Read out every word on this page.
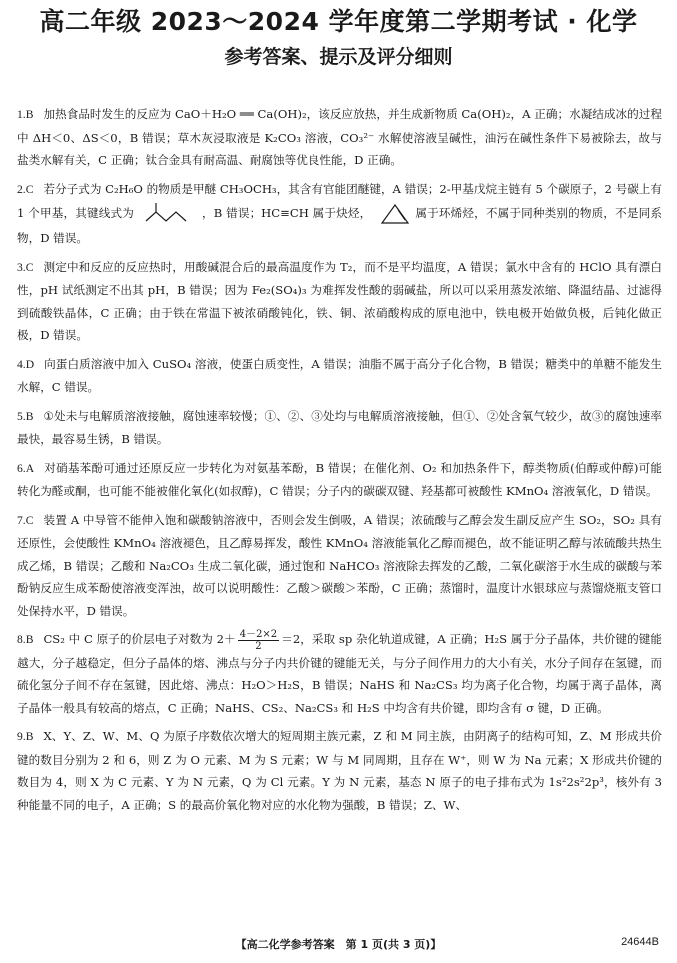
高二年级 2023～2024 学年度第二学期考试 · 化学
参考答案、提示及评分细则

1.B 加热食品时发生的反应为 CaO＋H₂O ══ Ca(OH)₂，该反应放热，并生成新物质 Ca(OH)₂，A 正确；水凝结成冰的过程中 ΔH＜0、ΔS＜0，B 错误；草木灰浸取液是 K₂CO₃ 溶液，CO₃²⁻ 水解使溶液呈碱性，油污在碱性条件下易被除去，故与盐类水解有关，C 正确；钛合金具有耐高温、耐腐蚀等优良性能，D 正确。

2.C 若分子式为 C₂H₆O 的物质是甲醚 CH₃OCH₃，其含有官能团醚键，A 错误；2-甲基戊烷主链有 5 个碳原子，2 号碳上有 1 个甲基，其键线式为	，B 错误；HC≡CH 属于炔烃，	属于环烯烃，不属于同种类别的物质，不是同系物，D 错误。

3.C 测定中和反应的反应热时，用酸碱混合后的最高温度作为 T₂，而不是平均温度，A 错误；氯水中含有的 HClO 具有漂白性，pH 试纸测定不出其 pH，B 错误；因为 Fe₂(SO₄)₃ 为难挥发性酸的弱碱盐，所以可以采用蒸发浓缩、降温结晶、过滤得到硫酸铁晶体，C 正确；由于铁在常温下被浓硝酸钝化，铁、铜、浓硝酸构成的原电池中，铁电极开始做负极，后钝化做正极，D 错误。

4.D 向蛋白质溶液中加入 CuSO₄ 溶液，使蛋白质变性，A 错误；油脂不属于高分子化合物，B 错误；糖类中的单糖不能发生水解，C 错误。

5.B ①处未与电解质溶液接触，腐蚀速率较慢；①、②、③处均与电解质溶液接触，但①、②处含氧气较少，故③的腐蚀速率最快，最容易生锈，B 错误。

6.A 对硝基苯酚可通过还原反应一步转化为对氨基苯酚，B 错误；在催化剂、O₂ 和加热条件下，醇类物质(伯醇或仲醇)可能转化为醛或酮，也可能不能被催化氧化(如叔醇)，C 错误；分子内的碳碳双键、羟基都可被酸性 KMnO₄ 溶液氧化，D 错误。

7.C 装置 A 中导管不能伸入饱和碳酸钠溶液中，否则会发生倒吸，A 错误；浓硫酸与乙醇会发生副反应产生 SO₂，SO₂ 具有还原性，会使酸性 KMnO₄ 溶液褪色，且乙醇易挥发，酸性 KMnO₄ 溶液能氧化乙醇而褪色，故不能证明乙醇与浓硫酸共热生成乙烯，B 错误；乙酸和 Na₂CO₃ 生成二氧化碳，通过饱和 NaHCO₃ 溶液除去挥发的乙酸，二氧化碳溶于水生成的碳酸与苯酚钠反应生成苯酚使溶液变浑浊，故可以说明酸性：乙酸＞碳酸＞苯酚，C 正确；蒸馏时，温度计水银球应与蒸馏烧瓶支管口处保持水平，D 错误。

8.B CS₂ 中 C 原子的价层电子对数为 $2+ \frac{4-2\times 2}{2} =2$，采取 sp 杂化轨道成键，A 正确；H₂S 属于分子晶体，共价键的键能越大，分子越稳定，但分子晶体的熔、沸点与分子内共价键的键能无关，与分子间作用力的大小有关，水分子间存在氢键，而硫化氢分子间不存在氢键，因此熔、沸点：H₂O＞H₂S，B 错误；NaHS 和 Na₂CS₃ 均为离子化合物，均属于离子晶体，离子晶体一般具有较高的熔点，C 正确；NaHS、CS₂、Na₂CS₃ 和 H₂S 中均含有共价键，即均含有 σ 键，D 正确。

9.B X、Y、Z、W、M、Q 为原子序数依次增大的短周期主族元素，Z 和 M 同主族，由阴离子的结构可知，Z、M 形成共价键的数目分别为 2 和 6，则 Z 为 O 元素、M 为 S 元素；W 与 M 同周期，且存在 W⁺，则 W 为 Na 元素；X 形成共价键的数目为 4，则 X 为 C 元素、Y 为 N 元素，Q 为 Cl 元素。Y 为 N 元素，基态 N 原子的电子排布式为 1s²2s²2p³，核外有 3 种能量不同的电子，A 正确；S 的最高价氧化物对应的水化物为强酸，B 错误；Z、W、

【高二化学参考答案　第 1 页(共 3 页)】	24644B
